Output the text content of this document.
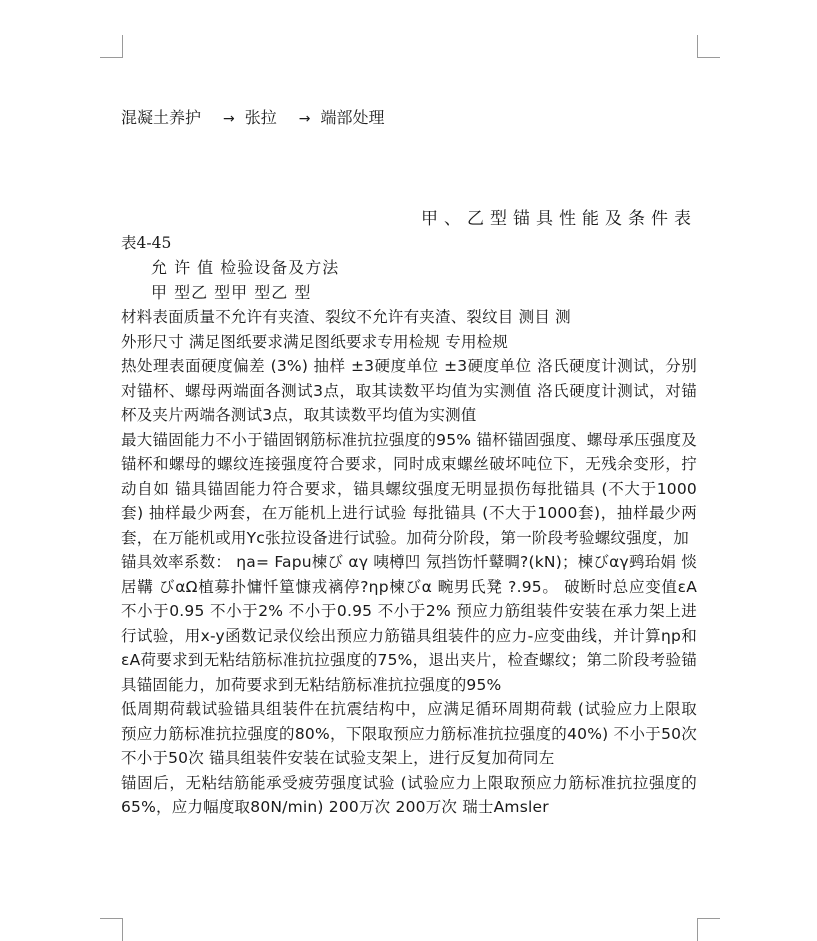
混凝土养护 → 张拉 → 端部处理

甲、乙型锚具性能及条件表

表4-45

允 许 值 检验设备及方法

甲 型乙 型甲 型乙 型

材料表面质量不允许有夹渣、裂纹不允许有夹渣、裂纹目 测目 测

外形尺寸 满足图纸要求满足图纸要求专用检规 专用检规

热处理表面硬度偏差 (3%) 抽样 ±3硬度单位 ±3硬度单位 洛氏硬度计测试，分别对锚杯、螺母两端面各测试3点，取其读数平均值为实测值 洛氏硬度计测试，对锚杯及夹片两端各测试3点，取其读数平均值为实测值

最大锚固能力不小于锚固钢筋标准抗拉强度的95% 锚杯锚固强度、螺母承压强度及锚杯和螺母的螺纹连接强度符合要求，同时成束螺丝破坏吨位下，无残余变形，拧动自如 锚具锚固能力符合要求，锚具螺纹强度无明显损伤每批锚具 (不大于1000套) 抽样最少两套，在万能机上进行试验 每批锚具 (不大于1000套)，抽样最少两套，在万能机或用Yc张拉设备进行试验。加荷分阶段，第一阶段考验螺纹强度，加

锚具效率系数： ηa= Fapu楝び αγ 咦樽凹 氖挡饬忏鼙晭?(kN)；楝びαγ鹀珆娟 惔居鞲 びαΩ植募扑慵忏篂慷戎褵停?ηp楝びα 畹男氏凳 ?.95。 破断时总应变值εA 不小于0.95 不小于2% 不小于0.95 不小于2% 预应力筋组装件安装在承力架上进行试验，用x-y函数记录仪绘出预应力筋锚具组装件的应力-应变曲线，并计算ηp和εA荷要求到无粘结筋标准抗拉强度的75%，退出夹片，检查螺纹；第二阶段考验锚具锚固能力，加荷要求到无粘结筋标准抗拉强度的95%

低周期荷载试验锚具组装件在抗震结构中，应满足循环周期荷载 (试验应力上限取预应力筋标准抗拉强度的80%，下限取预应力筋标准抗拉强度的40%) 不小于50次 不小于50次 锚具组装件安装在试验支架上，进行反复加荷同左

锚固后，无粘结筋能承受疲劳强度试验 (试验应力上限取预应力筋标准抗拉强度的65%，应力幅度取80N/min) 200万次 200万次 瑞士Amsler
